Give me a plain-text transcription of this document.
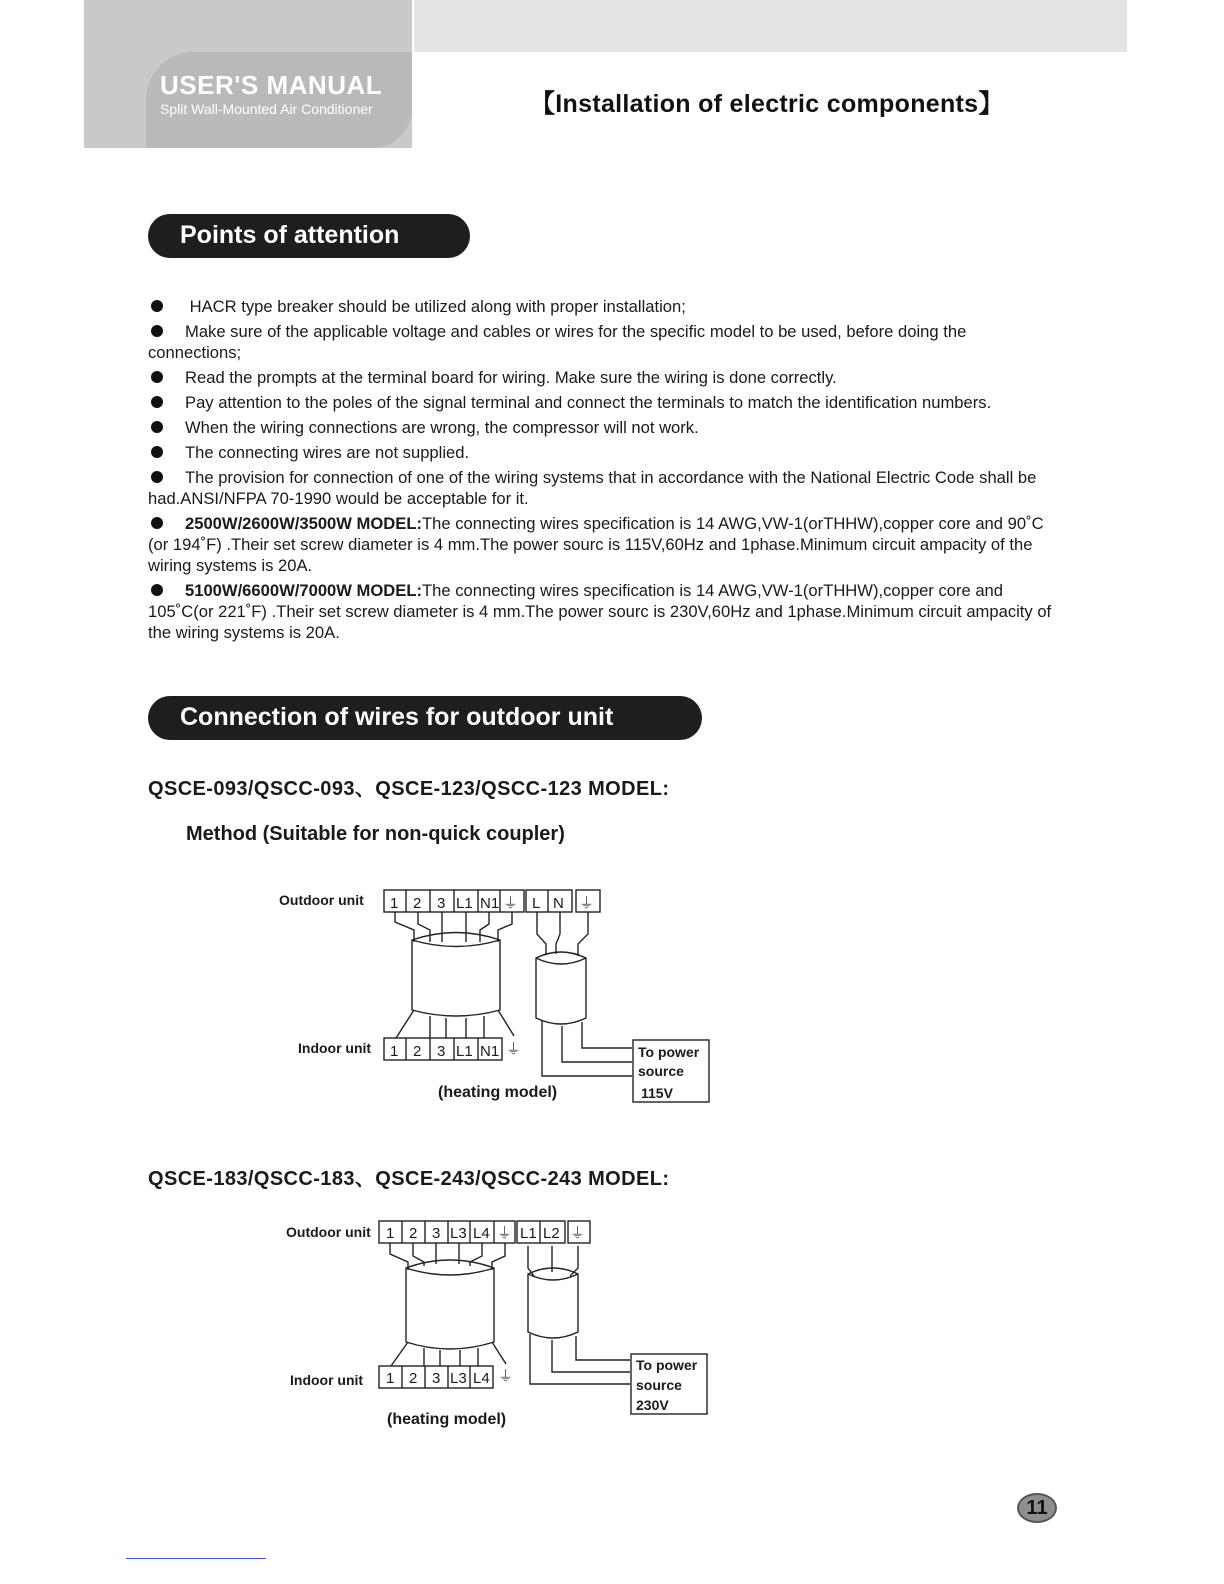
USER'S MANUAL
Split Wall-Mounted Air Conditioner	【Installation of electric components】
Points of attention
HACR type breaker should be utilized along with proper installation;
Make sure of the applicable voltage and cables or wires for the specific model to be used, before doing the connections;
Read the prompts at the terminal board for wiring. Make sure the wiring is done correctly.
Pay attention to the poles of the signal terminal and connect the terminals to match the identification numbers.
When the wiring connections are wrong, the compressor will not work.
The connecting wires are not supplied.
The provision for connection of one of the wiring systems that in accordance with the National Electric Code shall be had.ANSI/NFPA 70-1990 would be acceptable for it.
2500W/2600W/3500W MODEL:The connecting wires specification is 14 AWG,VW-1(orTHHW),copper core and 90˚C (or 194˚F) .Their set screw diameter is 4 mm.The power sourc is 115V,60Hz and 1phase.Minimum circuit ampacity of the wiring systems is 20A.
5100W/6600W/7000W MODEL:The connecting wires specification is 14 AWG,VW-1(orTHHW),copper core and 105˚C(or 221˚F) .Their set screw diameter is 4 mm.The power sourc is 230V,60Hz and 1phase.Minimum circuit ampacity of the wiring systems is 20A.
Connection of wires for outdoor unit
QSCE-093/QSCC-093、QSCE-123/QSCC-123 MODEL:
Method (Suitable for non-quick coupler)
QSCE-183/QSCC-183、QSCE-243/QSCC-243 MODEL:
Outdoor unit
Indoor unit
1 2 3 L1 N1 ⏚ L N ⏚
1 2 3 L1 N1 ⏚	To power
source
115V
(heating model)
Outdoor unit
Indoor unit
1 2 3 L3 L4 ⏚ L1 L2 ⏚
1 2 3 L3 L4 ⏚
To power
source
230V
(heating model)
11
